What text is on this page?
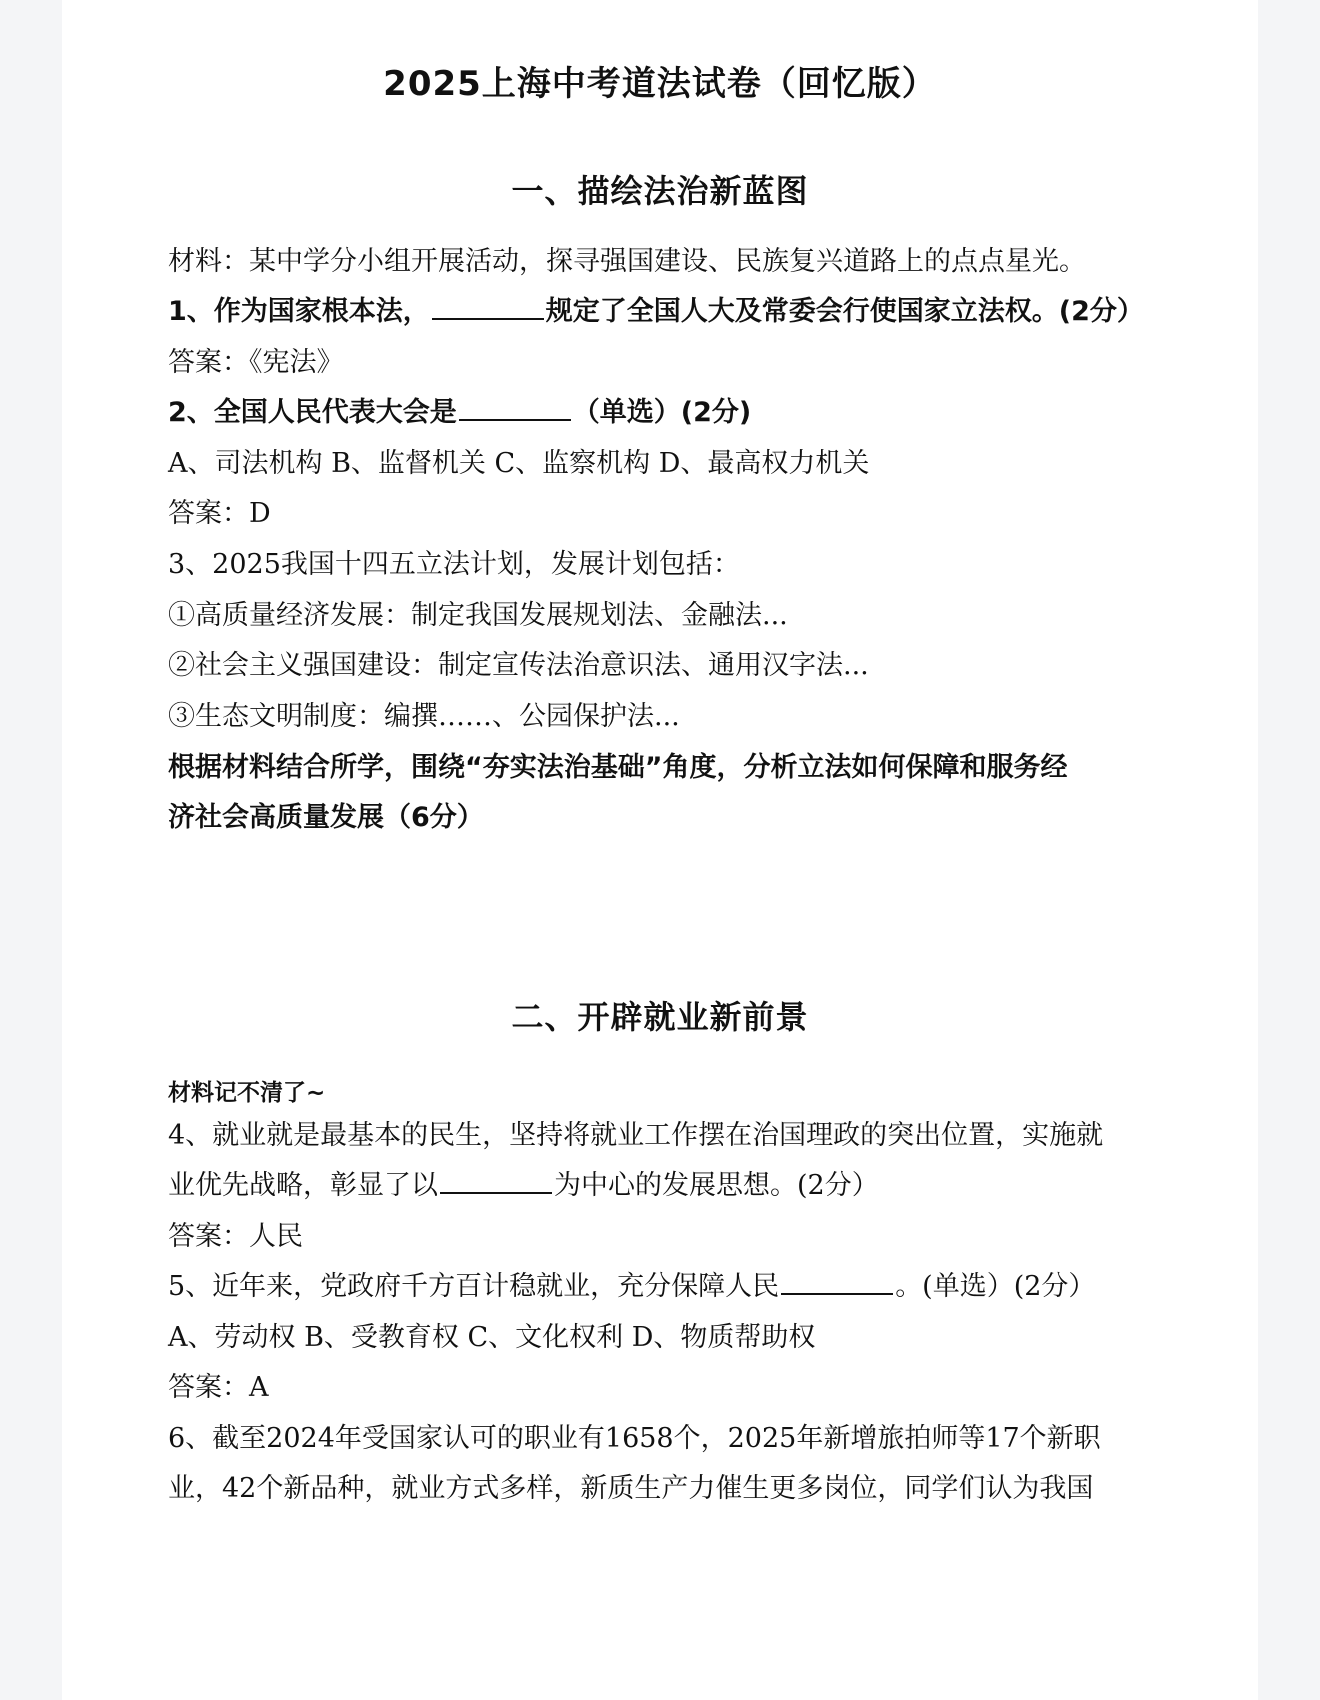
2025上海中考道法试卷（回忆版）
一、描绘法治新蓝图
材料：某中学分小组开展活动，探寻强国建设、民族复兴道路上的点点星光。
1、作为国家根本法，	规定了全国人大及常委会行使国家立法权。(2分）
答案：《宪法》
2、全国人民代表大会是	（单选）(2分)
A、司法机构 B、监督机关 C、监察机构 D、最高权力机关
答案：D
3、2025我国十四五立法计划，发展计划包括：
①高质量经济发展：制定我国发展规划法、金融法...
②社会主义强国建设：制定宣传法治意识法、通用汉字法...
③生态文明制度：编撰……、公园保护法...
根据材料结合所学，围绕“夯实法治基础”角度，分析立法如何保障和服务经
济社会高质量发展（6分）
二、开辟就业新前景
材料记不清了~
4、就业就是最基本的民生，坚持将就业工作摆在治国理政的突出位置，实施就
业优先战略，彰显了以	为中心的发展思想。(2分）
答案：人民
5、近年来，党政府千方百计稳就业，充分保障人民	。(单选）(2分）
A、劳动权 B、受教育权 C、文化权利 D、物质帮助权
答案：A
6、截至2024年受国家认可的职业有1658个，2025年新增旅拍师等17个新职
业，42个新品种，就业方式多样，新质生产力催生更多岗位，同学们认为我国
